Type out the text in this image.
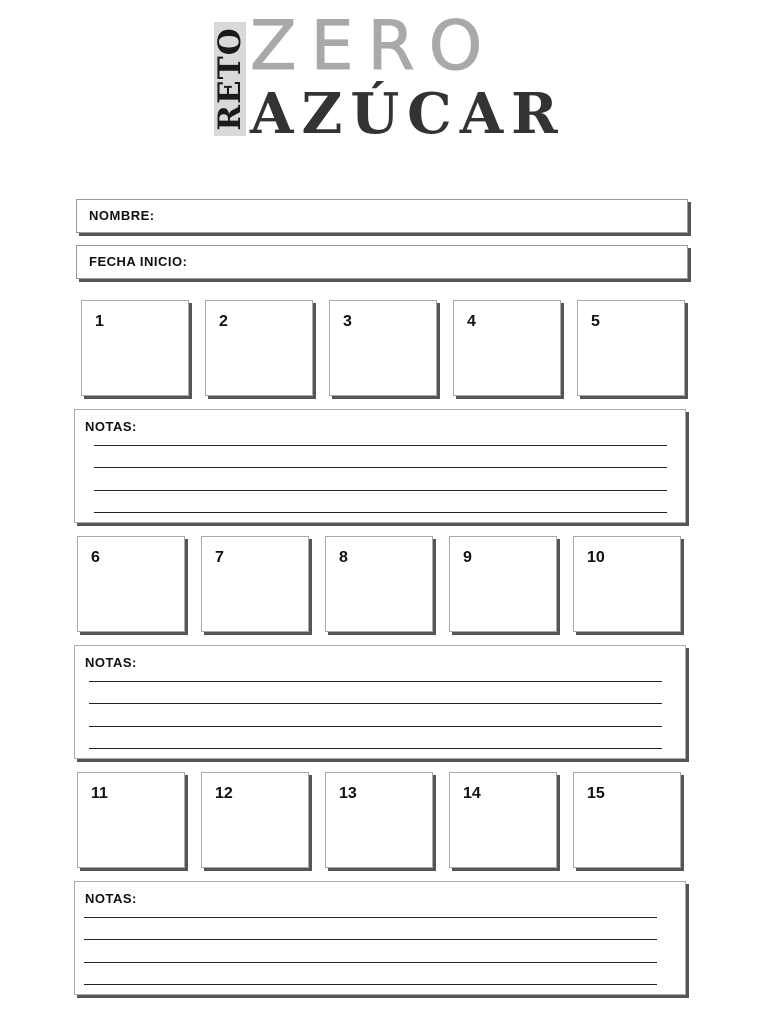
RETO ZERO
AZÚCAR
NOMBRE:
FECHA INICIO:
1	2	3	4	5
NOTAS:
6	7	8	9	10
NOTAS:
11	12	13	14	15
NOTAS:
